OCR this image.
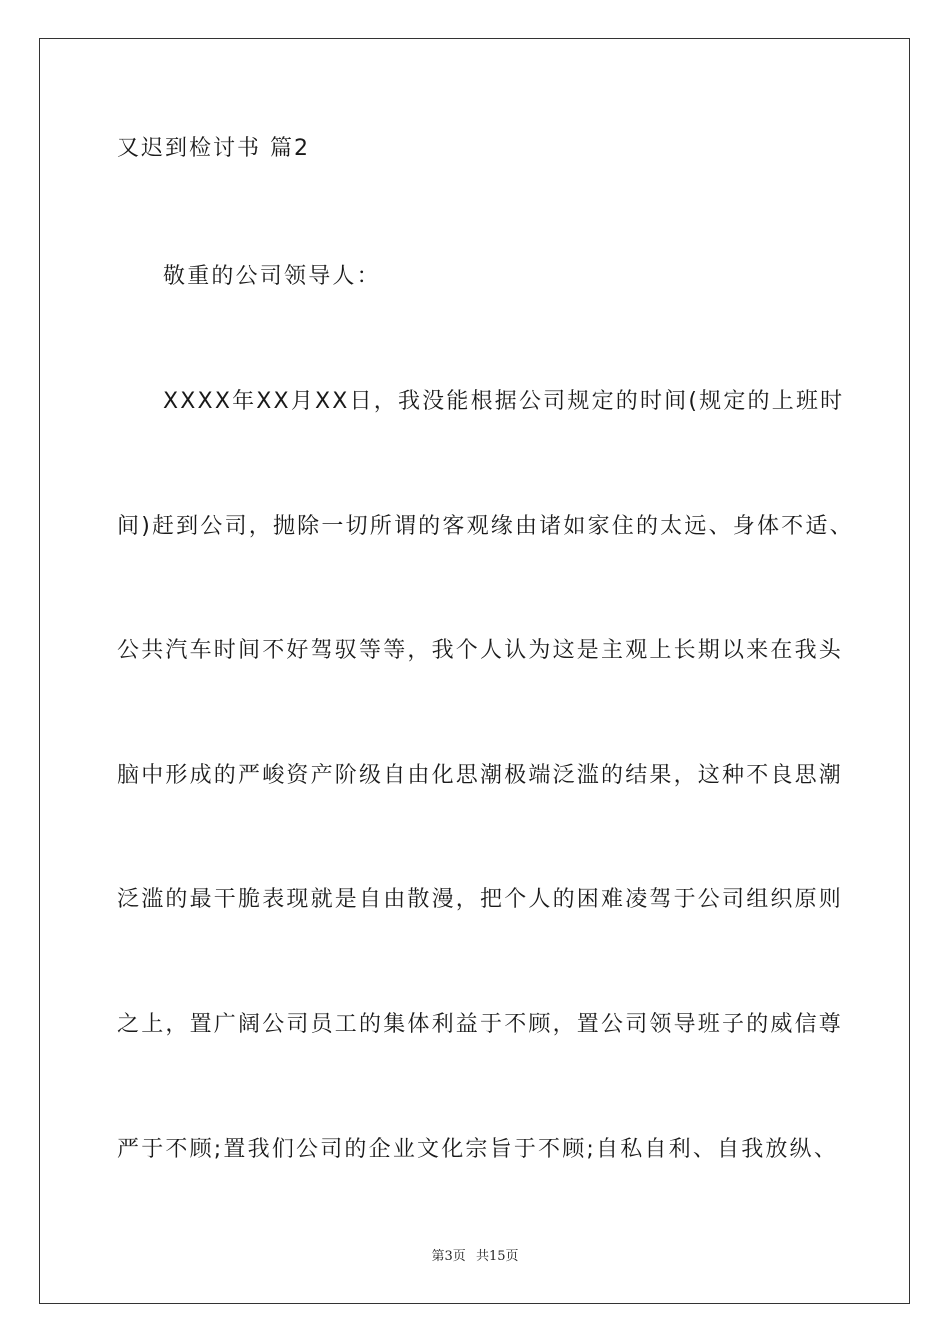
又迟到检讨书 篇2
敬重的公司领导人：
XXXX年XX月XX日，我没能根据公司规定的时间(规定的上班时
间)赶到公司，抛除一切所谓的客观缘由诸如家住的太远、身体不适、
公共汽车时间不好驾驭等等，我个人认为这是主观上长期以来在我头
脑中形成的严峻资产阶级自由化思潮极端泛滥的结果，这种不良思潮
泛滥的最干脆表现就是自由散漫，把个人的困难凌驾于公司组织原则
之上，置广阔公司员工的集体利益于不顾，置公司领导班子的威信尊
严于不顾;置我们公司的企业文化宗旨于不顾;自私自利、自我放纵、
第3页 共15页
